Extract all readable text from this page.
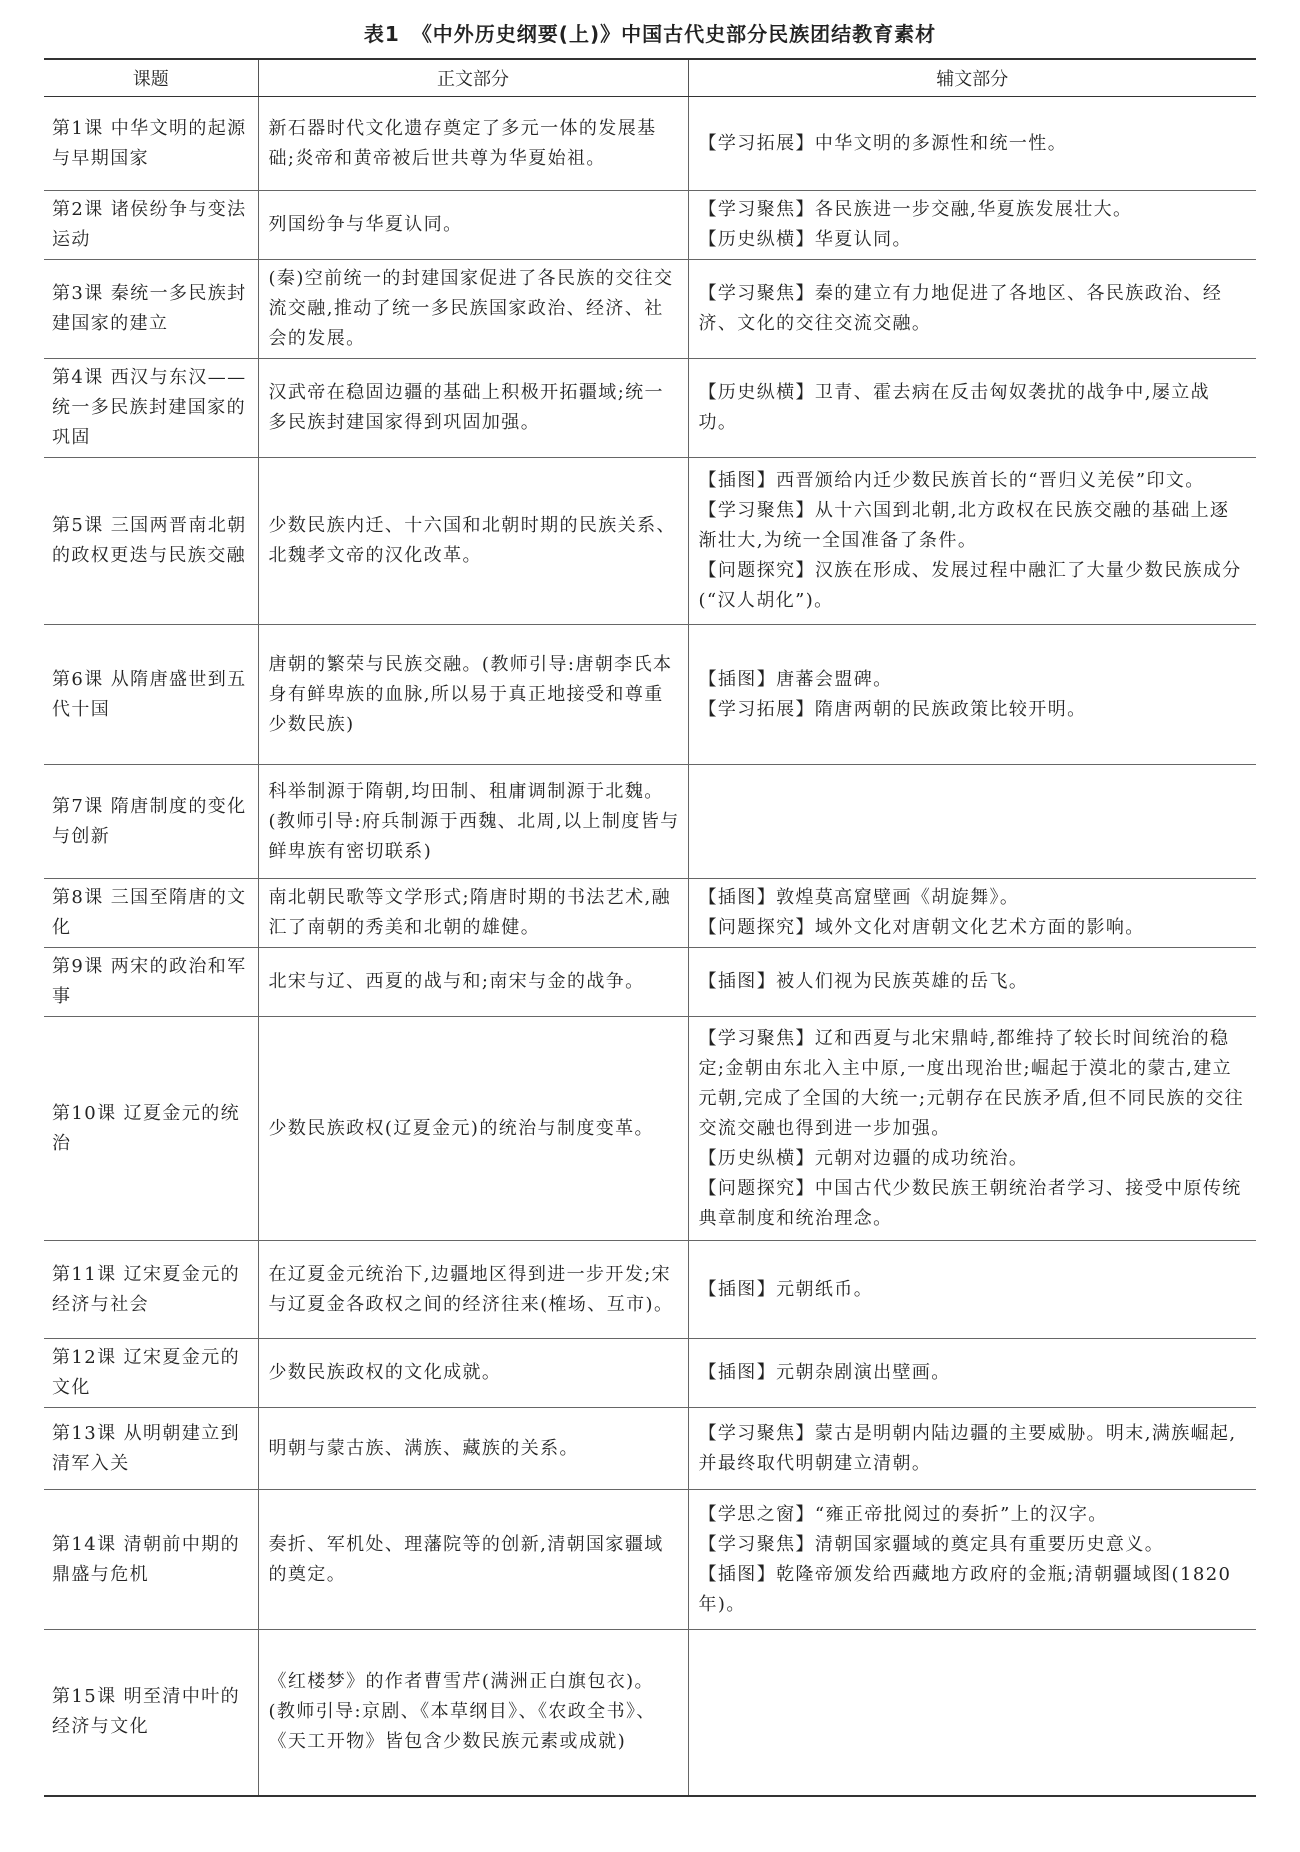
表1 《中外历史纲要(上)》中国古代史部分民族团结教育素材
课题	正文部分	辅文部分
第1课 中华文明的起源与早期国家	新石器时代文化遗存奠定了多元一体的发展基础;炎帝和黄帝被后世共尊为华夏始祖。	【学习拓展】中华文明的多源性和统一性。

第2课 诸侯纷争与变法运动	列国纷争与华夏认同。	【学习聚焦】各民族进一步交融,华夏族发展壮大。
【历史纵横】华夏认同。

第3课 秦统一多民族封建国家的建立	(秦)空前统一的封建国家促进了各民族的交往交流交融,推动了统一多民族国家政治、经济、社会的发展。	【学习聚焦】秦的建立有力地促进了各地区、各民族政治、经济、文化的交往交流交融。

第4课 西汉与东汉——统一多民族封建国家的巩固	汉武帝在稳固边疆的基础上积极开拓疆域;统一多民族封建国家得到巩固加强。	【历史纵横】卫青、霍去病在反击匈奴袭扰的战争中,屡立战功。

第5课 三国两晋南北朝的政权更迭与民族交融	少数民族内迁、十六国和北朝时期的民族关系、北魏孝文帝的汉化改革。	【插图】西晋颁给内迁少数民族首长的“晋归义羌侯”印文。
【学习聚焦】从十六国到北朝,北方政权在民族交融的基础上逐渐壮大,为统一全国准备了条件。
【问题探究】汉族在形成、发展过程中融汇了大量少数民族成分(“汉人胡化”)。

第6课 从隋唐盛世到五代十国	唐朝的繁荣与民族交融。(教师引导:唐朝李氏本身有鲜卑族的血脉,所以易于真正地接受和尊重少数民族)	【插图】唐蕃会盟碑。
【学习拓展】隋唐两朝的民族政策比较开明。

第7课 隋唐制度的变化与创新	科举制源于隋朝,均田制、租庸调制源于北魏。(教师引导:府兵制源于西魏、北周,以上制度皆与鲜卑族有密切联系)	
第8课 三国至隋唐的文化	南北朝民歌等文学形式;隋唐时期的书法艺术,融汇了南朝的秀美和北朝的雄健。	【插图】敦煌莫高窟壁画《胡旋舞》。
【问题探究】域外文化对唐朝文化艺术方面的影响。

第9课 两宋的政治和军事	北宋与辽、西夏的战与和;南宋与金的战争。	【插图】被人们视为民族英雄的岳飞。

第10课 辽夏金元的统治	少数民族政权(辽夏金元)的统治与制度变革。	【学习聚焦】辽和西夏与北宋鼎峙,都维持了较长时间统治的稳定;金朝由东北入主中原,一度出现治世;崛起于漠北的蒙古,建立元朝,完成了全国的大统一;元朝存在民族矛盾,但不同民族的交往交流交融也得到进一步加强。
【历史纵横】元朝对边疆的成功统治。
【问题探究】中国古代少数民族王朝统治者学习、接受中原传统典章制度和统治理念。

第11课 辽宋夏金元的经济与社会	在辽夏金元统治下,边疆地区得到进一步开发;宋与辽夏金各政权之间的经济往来(榷场、互市)。	【插图】元朝纸币。

第12课 辽宋夏金元的文化	少数民族政权的文化成就。	【插图】元朝杂剧演出壁画。

第13课 从明朝建立到清军入关	明朝与蒙古族、满族、藏族的关系。	【学习聚焦】蒙古是明朝内陆边疆的主要威胁。明末,满族崛起,并最终取代明朝建立清朝。

第14课 清朝前中期的鼎盛与危机	奏折、军机处、理藩院等的创新,清朝国家疆域的奠定。	【学思之窗】“雍正帝批阅过的奏折”上的汉字。
【学习聚焦】清朝国家疆域的奠定具有重要历史意义。
【插图】乾隆帝颁发给西藏地方政府的金瓶;清朝疆域图(1820年)。

第15课 明至清中叶的经济与文化	《红楼梦》的作者曹雪芹(满洲正白旗包衣)。(教师引导:京剧、《本草纲目》、《农政全书》、《天工开物》皆包含少数民族元素或成就)	
